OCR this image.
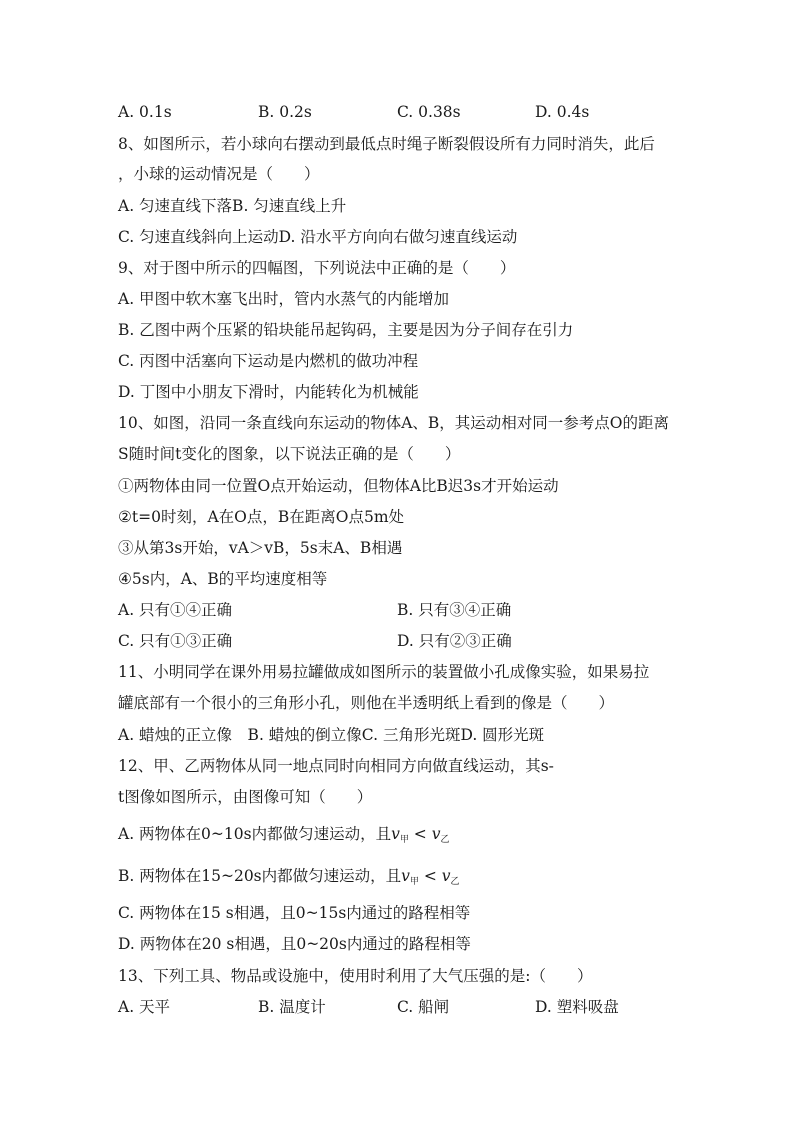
A. 0.1s	B. 0.2s	C. 0.38s	D. 0.4s
8、如图所示，若小球向右摆动到最低点时绳子断裂假设所有力同时消失，此后
，小球的运动情况是（　　）
A. 匀速直线下落B. 匀速直线上升
C. 匀速直线斜向上运动D. 沿水平方向向右做匀速直线运动
9、对于图中所示的四幅图，下列说法中正确的是（　　）
A. 甲图中软木塞飞出时，管内水蒸气的内能增加
B. 乙图中两个压紧的铅块能吊起钩码，主要是因为分子间存在引力
C. 丙图中活塞向下运动是内燃机的做功冲程
D. 丁图中小朋友下滑时，内能转化为机械能
10、如图，沿同一条直线向东运动的物体A、B，其运动相对同一参考点O的距离
S随时间t变化的图象，以下说法正确的是（　　）
①两物体由同一位置O点开始运动，但物体A比B迟3s才开始运动
②t=0时刻，A在O点，B在距离O点5m处
③从第3s开始，vA＞vB，5s末A、B相遇
④5s内，A、B的平均速度相等
A. 只有①④正确	B. 只有③④正确
C. 只有①③正确	D. 只有②③正确
11、小明同学在课外用易拉罐做成如图所示的装置做小孔成像实验，如果易拉
罐底部有一个很小的三角形小孔，则他在半透明纸上看到的像是（　　）
A. 蜡烛的正立像　B. 蜡烛的倒立像C. 三角形光斑D. 圆形光斑
12、甲、乙两物体从同一地点同时向相同方向做直线运动，其s-
t图像如图所示，由图像可知（　　）
A. 两物体在0~10s内都做匀速运动，且$v_甲 < v_乙$
B. 两物体在15~20s内都做匀速运动，且$v_甲 < v_乙$
C. 两物体在15 s相遇，且0~15s内通过的路程相等
D. 两物体在20 s相遇，且0~20s内通过的路程相等
13、下列工具、物品或设施中，使用时利用了大气压强的是:（　　）
A. 天平	B. 温度计	C. 船闸	D. 塑料吸盘
